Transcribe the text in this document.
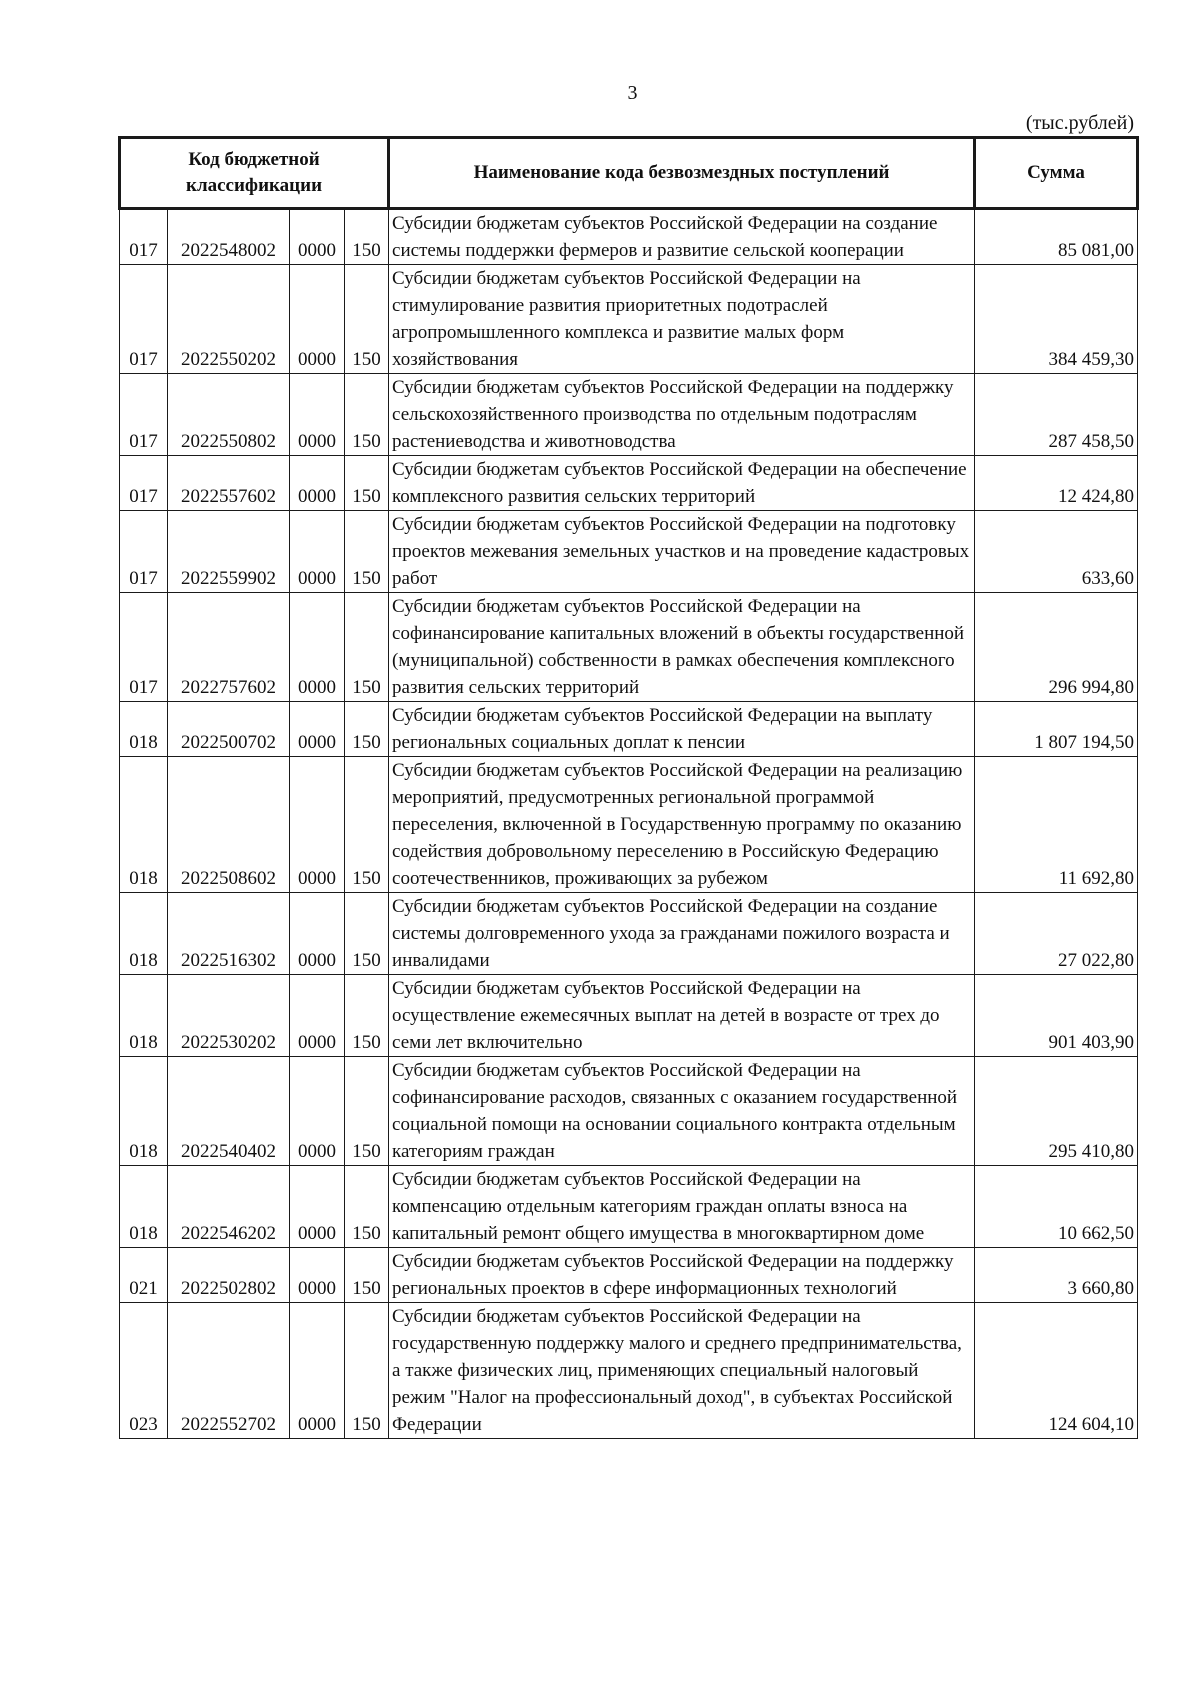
3
(тыс.рублей)
Код бюджетной классификации				Наименование кода безвозмездных поступлений	Сумма
017	2022548002	0000	150	Субсидии бюджетам субъектов Российской Федерации на создание системы поддержки фермеров и развитие сельской кооперации	85 081,00
017	2022550202	0000	150	Субсидии бюджетам субъектов Российской Федерации на стимулирование развития приоритетных подотраслей агропромышленного комплекса и развитие малых форм хозяйствования	384 459,30
017	2022550802	0000	150	Субсидии бюджетам субъектов Российской Федерации на поддержку сельскохозяйственного производства по отдельным подотраслям растениеводства и животноводства	287 458,50
017	2022557602	0000	150	Субсидии бюджетам субъектов Российской Федерации на обеспечение комплексного развития сельских территорий	12 424,80
017	2022559902	0000	150	Субсидии бюджетам субъектов Российской Федерации на подготовку проектов межевания земельных участков и на проведение кадастровых работ	633,60
017	2022757602	0000	150	Субсидии бюджетам субъектов Российской Федерации на софинансирование капитальных вложений в объекты государственной (муниципальной) собственности в рамках обеспечения комплексного развития сельских территорий	296 994,80
018	2022500702	0000	150	Субсидии бюджетам субъектов Российской Федерации на выплату региональных социальных доплат к пенсии	1 807 194,50
018	2022508602	0000	150	Субсидии бюджетам субъектов Российской Федерации на реализацию мероприятий, предусмотренных региональной программой переселения, включенной в Государственную программу по оказанию содействия добровольному переселению в Российскую Федерацию соотечественников, проживающих за рубежом	11 692,80
018	2022516302	0000	150	Субсидии бюджетам субъектов Российской Федерации на создание системы долговременного ухода за гражданами пожилого возраста и инвалидами	27 022,80
018	2022530202	0000	150	Субсидии бюджетам субъектов Российской Федерации на осуществление ежемесячных выплат на детей в возрасте от трех до семи лет включительно	901 403,90
018	2022540402	0000	150	Субсидии бюджетам субъектов Российской Федерации на софинансирование расходов, связанных с оказанием государственной социальной помощи на основании социального контракта отдельным категориям граждан	295 410,80
018	2022546202	0000	150	Субсидии бюджетам субъектов Российской Федерации на компенсацию отдельным категориям граждан оплаты взноса на капитальный ремонт общего имущества в многоквартирном доме	10 662,50
021	2022502802	0000	150	Субсидии бюджетам субъектов Российской Федерации на поддержку региональных проектов в сфере информационных технологий	3 660,80
023	2022552702	0000	150	Субсидии бюджетам субъектов Российской Федерации на государственную поддержку малого и среднего предпринимательства, а также физических лиц, применяющих специальный налоговый режим "Налог на профессиональный доход", в субъектах Российской Федерации	124 604,10
